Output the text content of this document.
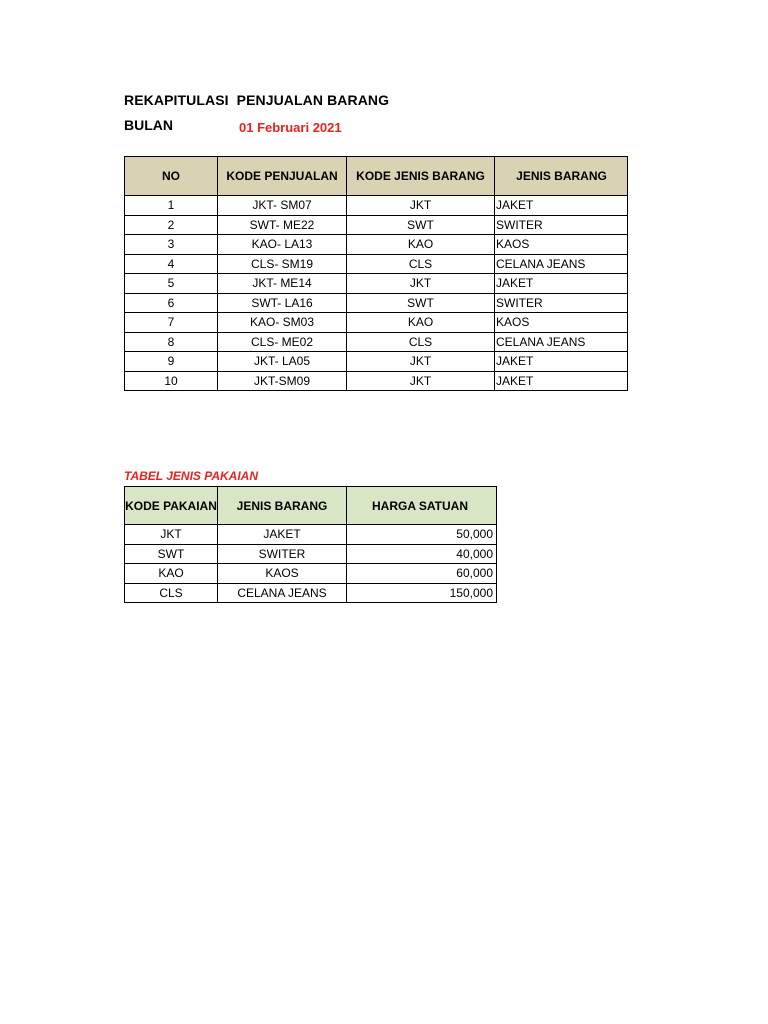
REKAPITULASI  PENJUALAN BARANG
BULAN	01 Februari 2021
NO	KODE PENJUALAN	KODE JENIS BARANG	JENIS BARANG
1	JKT- SM07	JKT	JAKET
2	SWT- ME22	SWT	SWITER
3	KAO- LA13	KAO	KAOS
4	CLS- SM19	CLS	CELANA JEANS
5	JKT- ME14	JKT	JAKET
6	SWT- LA16	SWT	SWITER
7	KAO- SM03	KAO	KAOS
8	CLS- ME02	CLS	CELANA JEANS
9	JKT- LA05	JKT	JAKET
10	JKT-SM09	JKT	JAKET
TABEL JENIS PAKAIAN
KODE PAKAIAN	JENIS BARANG	HARGA SATUAN
JKT	JAKET	50,000
SWT	SWITER	40,000
KAO	KAOS	60,000
CLS	CELANA JEANS	150,000
